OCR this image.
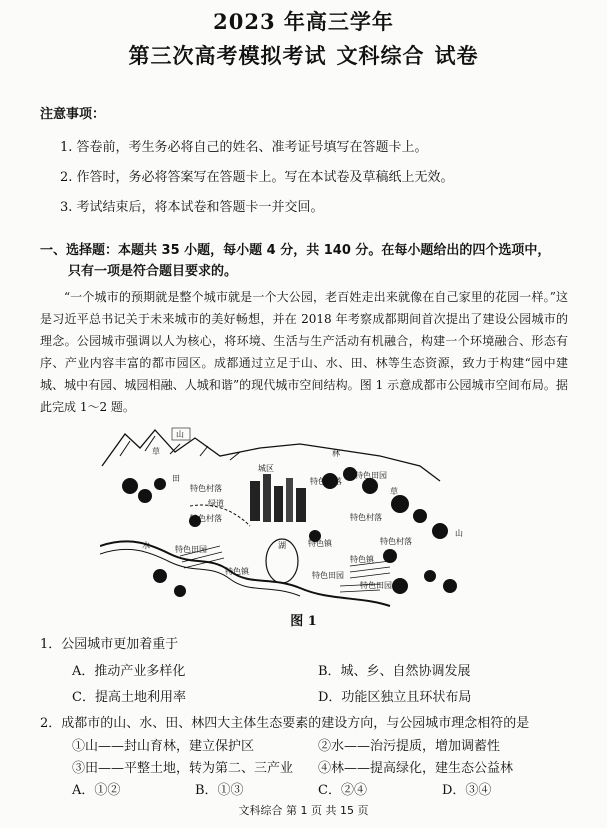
2023 年高三学年
第三次高考模拟考试 文科综合 试卷
注意事项：
1. 答卷前，考生务必将自己的姓名、准考证号填写在答题卡上。
2. 作答时，务必将答案写在答题卡上。写在本试卷及草稿纸上无效。
3. 考试结束后，将本试卷和答题卡一并交回。
一、选择题：本题共 35 小题，每小题 4 分，共 140 分。在每小题给出的四个选项中，
只有一项是符合题目要求的。
“一个城市的预期就是整个城市就是一个大公园，老百姓走出来就像在自己家里的花园一样。”这是习近平总书记关于未来城市的美好畅想，并在 2018 年考察成都期间首次提出了建设公园城市的理念。公园城市强调以人为核心，将环境、生活与生产活动有机融合，构建一个环境融合、形态有序、产业内容丰富的都市园区。成都通过立足于山、水、田、林等生态资源，致力于构建“园中建城、城中有园、城园相融、人城和谐”的现代城市空间结构。图 1 示意成都市公园城市空间布局。据此完成 1～2 题。
山
草	林
田
特色村落
城区
特色村落
特色田园
草
绿道
特色村落	特色村落
山
水	特色田园	湖	特色镇	特色村落
特色镇
特色镇
特色田园
特色田园
图 1
1．公园城市更加着重于
A．推动产业多样化	B．城、乡、自然协调发展
C．提高土地利用率	D．功能区独立且环状布局
2．成都市的山、水、田、林四大主体生态要素的建设方向，与公园城市理念相符的是
①山——封山育林，建立保护区	②水——治污提质，增加调蓄性
③田——平整土地，转为第二、三产业 ④林——提高绿化，建生态公益林
A．①②	B．①③	C．②④	D．③④
文科综合 第 1 页 共 15 页
